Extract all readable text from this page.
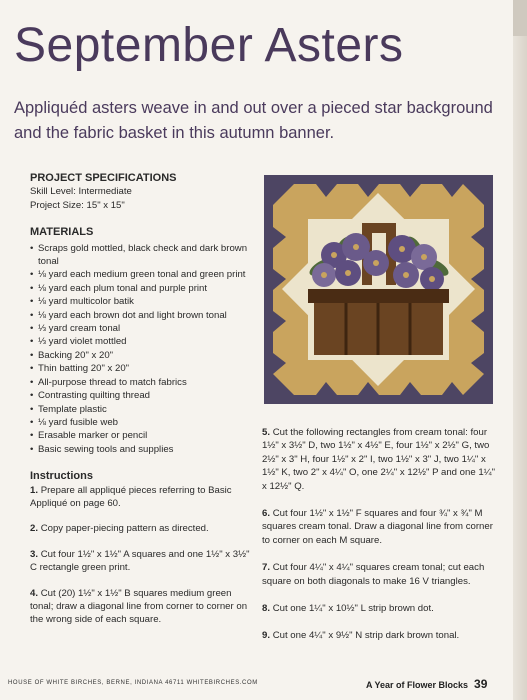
September Asters

Appliquéd asters weave in and out over a pieced star background and the fabric basket in this autumn banner.

PROJECT SPECIFICATIONS

Skill Level: Intermediate

Project Size: 15" x 15"

MATERIALS
• Scraps gold mottled, black check and dark brown tonal
• ⅛ yard each medium green tonal and green print
• ⅛ yard each plum tonal and purple print
• ⅛ yard multicolor batik
• ⅛ yard each brown dot and light brown tonal
• ⅓ yard cream tonal
• ⅓ yard violet mottled
• Backing 20" x 20"
• Thin batting 20" x 20"
• All-purpose thread to match fabrics
• Contrasting quilting thread
• Template plastic
• ⅛ yard fusible web
• Erasable marker or pencil
• Basic sewing tools and supplies
Instructions

1. Prepare all appliqué pieces referring to Basic Appliqué on page 60.

2. Copy paper-piecing pattern as directed.

3. Cut four 1½" x 1½" A squares and one 1½" x 3½" C rectangle green print.

4. Cut (20) 1½" x 1½" B squares medium green tonal; draw a diagonal line from corner to corner on the wrong side of each square.

5. Cut the following rectangles from cream tonal: four 1½" x 3½" D, two 1½" x 4½" E, four 1½" x 2½" G, two 2½" x 3" H, four 1½" x 2" I, two 1½" x 3" J, two 1¼" x 1½" K, two 2" x 4¼" O, one 2¼" x 12½" P and one 1¼" x 12½" Q.

6. Cut four 1½" x 1½" F squares and four ¾" x ¾" M squares cream tonal. Draw a diagonal line from corner to corner on each M square.

7. Cut four 4¼" x 4¼" squares cream tonal; cut each square on both diagonals to make 16 V triangles.

8. Cut one 1¼" x 10½" L strip brown dot.

9. Cut one 4¼" x 9½" N strip dark brown tonal.

HOUSE OF WHITE BIRCHES, BERNE, INDIANA 46711 WHITEBIRCHES.COM	A Year of Flower Blocks 39
